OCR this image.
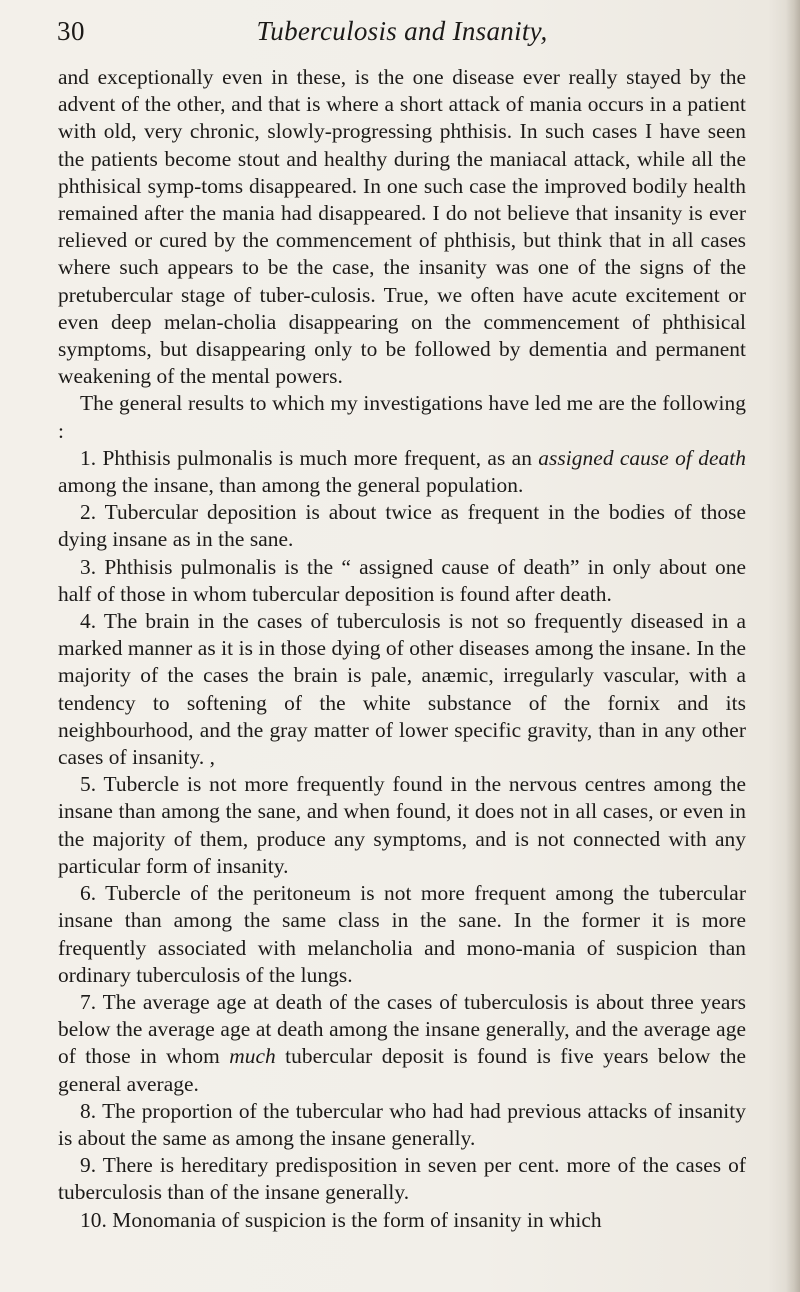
30	Tuberculosis and Insanity,

and exceptionally even in these, is the one disease ever really stayed by the advent of the other, and that is where a short attack of mania occurs in a patient with old, very chronic, slowly-progressing phthisis. In such cases I have seen the patients become stout and healthy during the maniacal attack, while all the phthisical symp-toms disappeared. In one such case the improved bodily health remained after the mania had disappeared. I do not believe that insanity is ever relieved or cured by the commencement of phthisis, but think that in all cases where such appears to be the case, the insanity was one of the signs of the pretubercular stage of tuber-culosis. True, we often have acute excitement or even deep melan-cholia disappearing on the commencement of phthisical symptoms, but disappearing only to be followed by dementia and permanent weakening of the mental powers.

The general results to which my investigations have led me are the following :

1. Phthisis pulmonalis is much more frequent, as an assigned cause of death among the insane, than among the general population.

2. Tubercular deposition is about twice as frequent in the bodies of those dying insane as in the sane.

3. Phthisis pulmonalis is the “ assigned cause of death” in only about one half of those in whom tubercular deposition is found after death.

4. The brain in the cases of tuberculosis is not so frequently diseased in a marked manner as it is in those dying of other diseases among the insane. In the majority of the cases the brain is pale, anæmic, irregularly vascular, with a tendency to softening of the white substance of the fornix and its neighbourhood, and the gray matter of lower specific gravity, than in any other cases of insanity. ,

5. Tubercle is not more frequently found in the nervous centres among the insane than among the sane, and when found, it does not in all cases, or even in the majority of them, produce any symptoms, and is not connected with any particular form of insanity.

6. Tubercle of the peritoneum is not more frequent among the tubercular insane than among the same class in the sane. In the former it is more frequently associated with melancholia and mono-mania of suspicion than ordinary tuberculosis of the lungs.

7. The average age at death of the cases of tuberculosis is about three years below the average age at death among the insane generally, and the average age of those in whom much tubercular deposit is found is five years below the general average.

8. The proportion of the tubercular who had had previous attacks of insanity is about the same as among the insane generally.

9. There is hereditary predisposition in seven per cent. more of the cases of tuberculosis than of the insane generally.

10. Monomania of suspicion is the form of insanity in which
